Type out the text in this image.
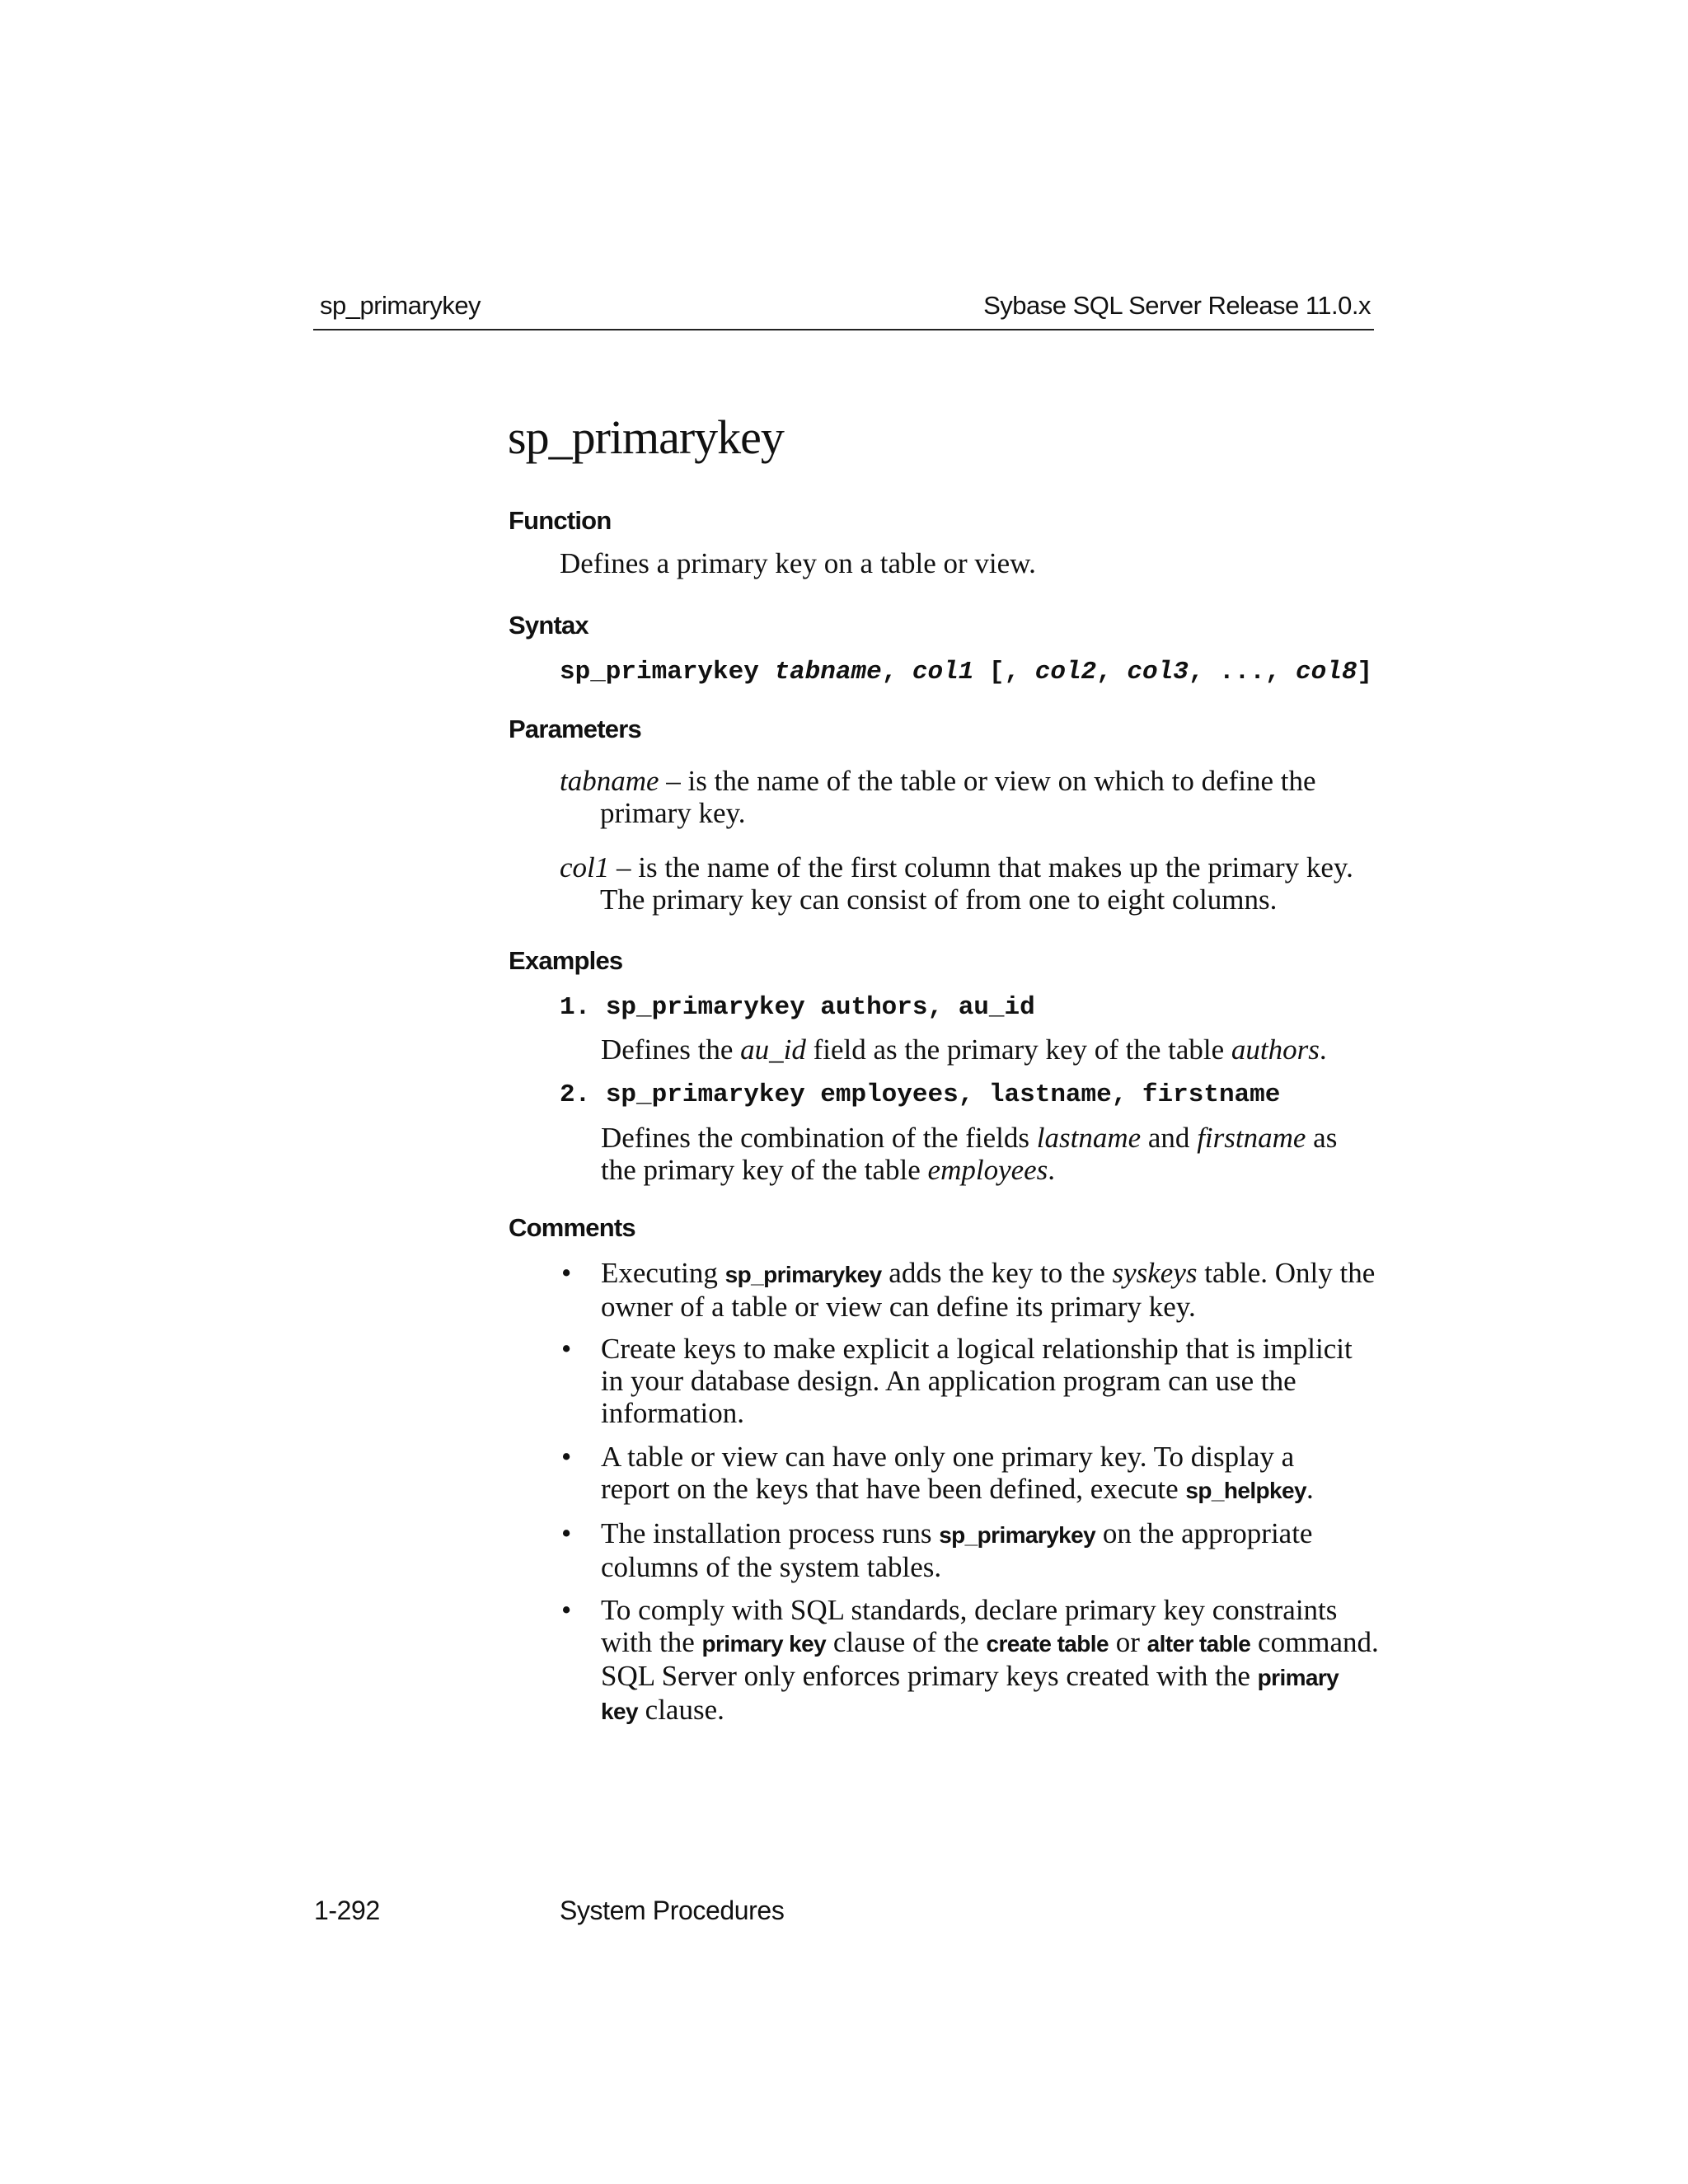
sp_primarykey	Sybase SQL Server Release 11.0.x
sp_primarykey
Function
Defines a primary key on a table or view.
Syntax
sp_primarykey tabname, col1 [, col2, col3, ..., col8]
Parameters
tabname – is the name of the table or view on which to define the
primary key.
col1 – is the name of the first column that makes up the primary key.
The primary key can consist of from one to eight columns.
Examples
1. sp_primarykey authors, au_id
Defines the au_id field as the primary key of the table authors.
2. sp_primarykey employees, lastname, firstname
Defines the combination of the fields lastname and firstname as
the primary key of the table employees.
Comments
• Executing sp_primarykey adds the key to the syskeys table. Only the
owner of a table or view can define its primary key.
• Create keys to make explicit a logical relationship that is implicit
in your database design. An application program can use the
information.
• A table or view can have only one primary key. To display a
report on the keys that have been defined, execute sp_helpkey.
• The installation process runs sp_primarykey on the appropriate
columns of the system tables.
• To comply with SQL standards, declare primary key constraints
with the primary key clause of the create table or alter table command.
SQL Server only enforces primary keys created with the primary
key clause.
1-292	System Procedures
